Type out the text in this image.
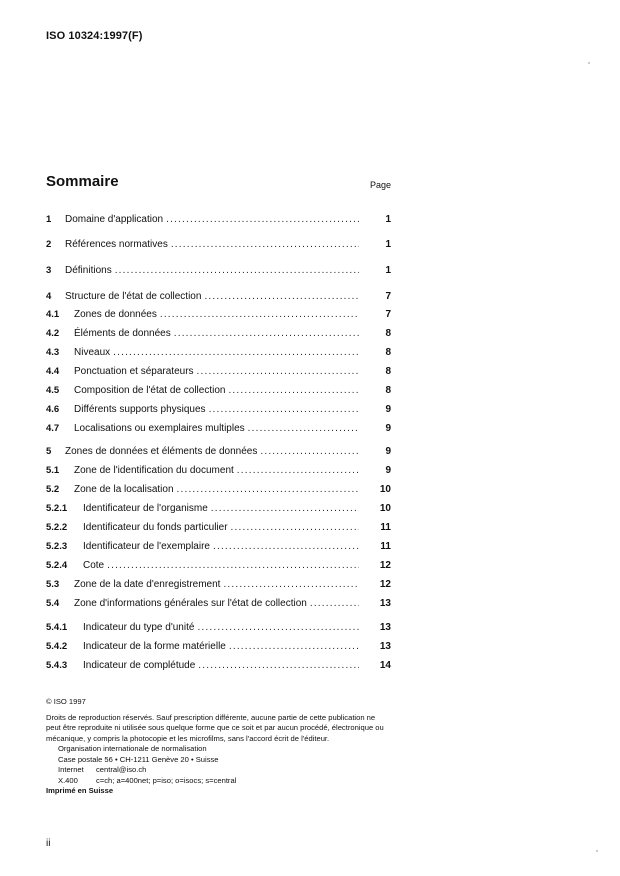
ISO 10324:1997(F)
Sommaire	Page
1 Domaine d'application .....	1
2 Références normatives .....	1
3 Définitions .....	1
4 Structure de l'état de collection .....	7
4.1 Zones de données .....	7
4.2 Éléments de données .....	8
4.3 Niveaux .....	8
4.4 Ponctuation et séparateurs .....	8
4.5 Composition de l'état de collection .....	8
4.6 Différents supports physiques .....	9
4.7 Localisations ou exemplaires multiples .....	9
5 Zones de données et éléments de données .....	9
5.1 Zone de l'identification du document .....	9
5.2 Zone de la localisation .....	10
5.2.1 Identificateur de l'organisme .....	10
5.2.2 Identificateur du fonds particulier .....	11
5.2.3 Identificateur de l'exemplaire .....	11
5.2.4 Cote .....	12
5.3 Zone de la date d'enregistrement .....	12
5.4 Zone d'informations générales sur l'état de collection .....	13
5.4.1 Indicateur du type d'unité .....	13
5.4.2 Indicateur de la forme matérielle .....	13
5.4.3 Indicateur de complétude .....	14

© ISO 1997

Droits de reproduction réservés. Sauf prescription différente, aucune partie de cette publication ne peut être reproduite ni utilisée sous quelque forme que ce soit et par aucun procédé, électronique ou mécanique, y compris la photocopie et les microfilms, sans l'accord écrit de l'éditeur.

Organisation internationale de normalisation

Case postale 56 • CH-1211 Genève 20 • Suisse

Internet	central@iso.ch
X.400	c=ch; a=400net; p=iso; o=isocs; s=central

Imprimé en Suisse

ii
